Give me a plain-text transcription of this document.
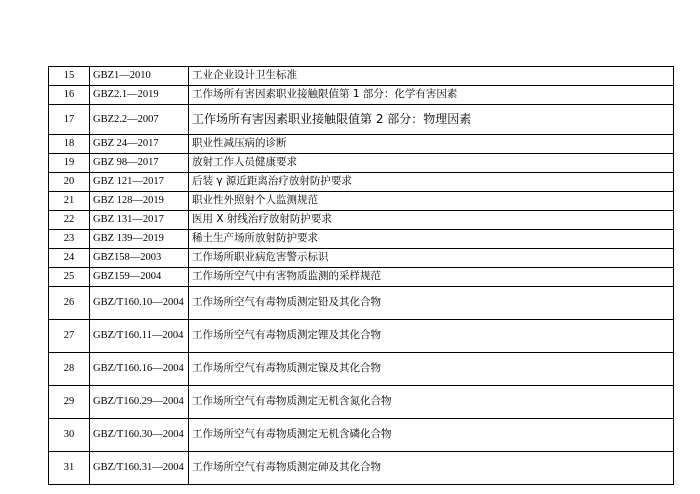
15	GBZ1—2010	工业企业设计卫生标准
16	GBZ2.1—2019	工作场所有害因素职业接触限值第 1 部分：化学有害因素
17	GBZ2.2—2007	工作场所有害因素职业接触限值第 2 部分：物理因素
18	GBZ 24—2017	职业性减压病的诊断
19	GBZ 98—2017	放射工作人员健康要求
20	GBZ 121—2017	后装 γ 源近距离治疗放射防护要求
21	GBZ 128—2019	职业性外照射个人监测规范
22	GBZ 131—2017	医用 X 射线治疗放射防护要求
23	GBZ 139—2019	稀土生产场所放射防护要求
24	GBZ158—2003	工作场所职业病危害警示标识
25	GBZ159—2004	工作场所空气中有害物质监测的采样规范
26	GBZ/T160.10—2004	工作场所空气有毒物质测定铅及其化合物
27	GBZ/T160.11—2004	工作场所空气有毒物质测定锂及其化合物
28	GBZ/T160.16—2004	工作场所空气有毒物质测定镍及其化合物
29	GBZ/T160.29—2004	工作场所空气有毒物质测定无机含氮化合物
30	GBZ/T160.30—2004	工作场所空气有毒物质测定无机含磷化合物
31	GBZ/T160.31—2004	工作场所空气有毒物质测定砷及其化合物
